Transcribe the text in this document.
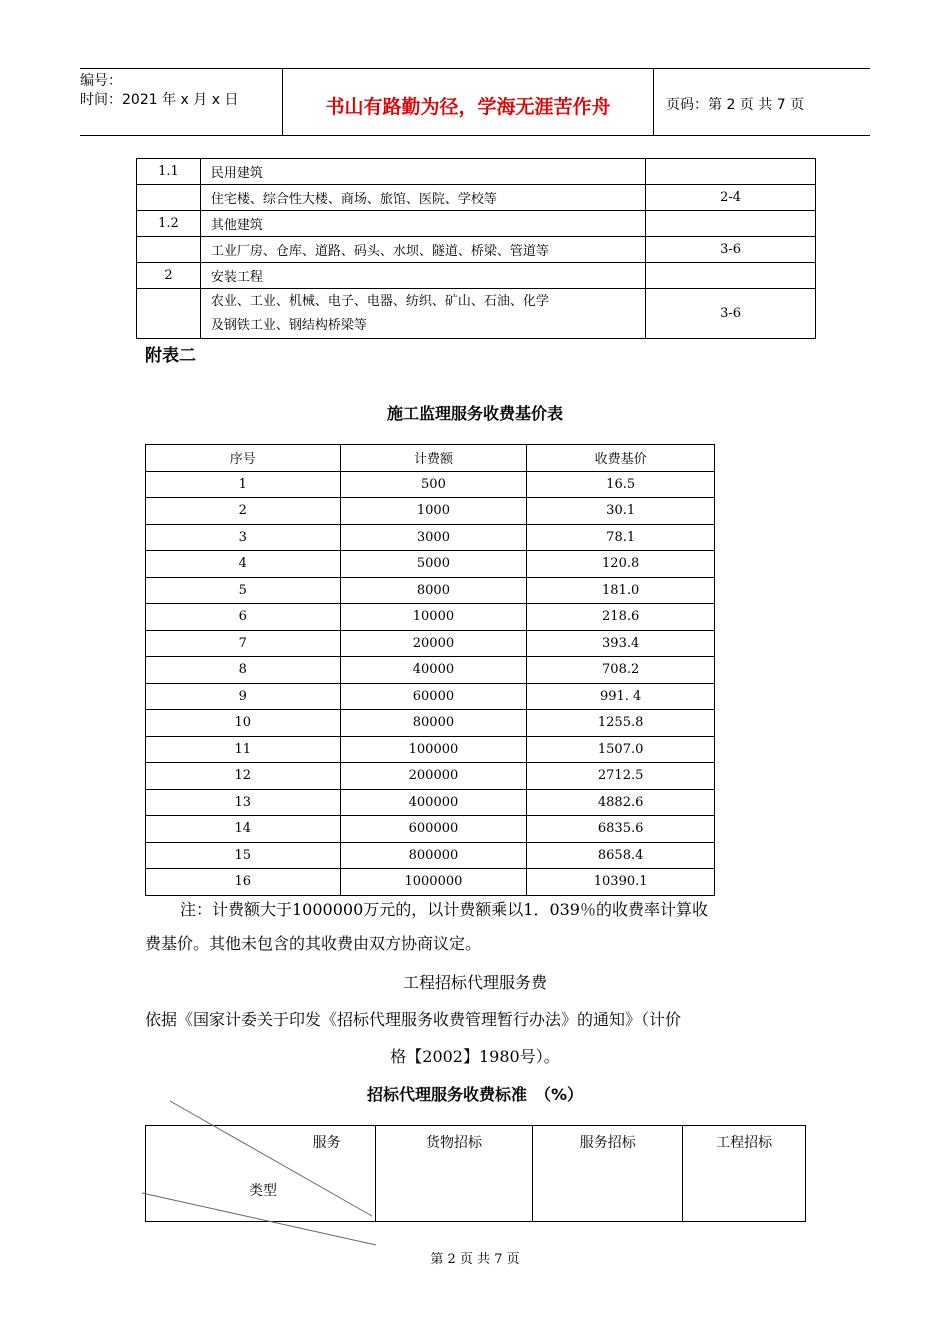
编号：
时间：2021 年 x 月 x 日	书山有路勤为径，学海无涯苦作舟	页码：第 2 页 共 7 页
1.1	民用建筑	
	住宅楼、综合性大楼、商场、旅馆、医院、学校等	2-4
1.2	其他建筑	
	工业厂房、仓库、道路、码头、水坝、隧道、桥梁、管道等	3-6
2	安装工程	

	农业、工业、机械、电子、电器、纺织、矿山、石油、化学
及钢铁工业、钢结构桥梁等	3-6
附表二
施工监理服务收费基价表
序号	计费额	收费基价
1	500	16.5
2	1000	30.1
3	3000	78.1
4	5000	120.8
5	8000	181.0
6	10000	218.6
7	20000	393.4
8	40000	708.2
9	60000	991. 4
10	80000	1255.8
11	100000	1507.0
12	200000	2712.5
13	400000	4882.6
14	600000	6835.6
15	800000	8658.4
16	1000000	10390.1
注：计费额大于1000000万元的，以计费额乘以1．039％的收费率计算收
费基价。其他未包含的其收费由双方协商议定。
工程招标代理服务费
依据《国家计委关于印发《招标代理服务收费管理暂行办法》的通知》（计价
格【2002】1980号）。
招标代理服务收费标准　（%）
服务
类型
	货物招标	服务招标	工程招标
第 2 页 共 7 页
